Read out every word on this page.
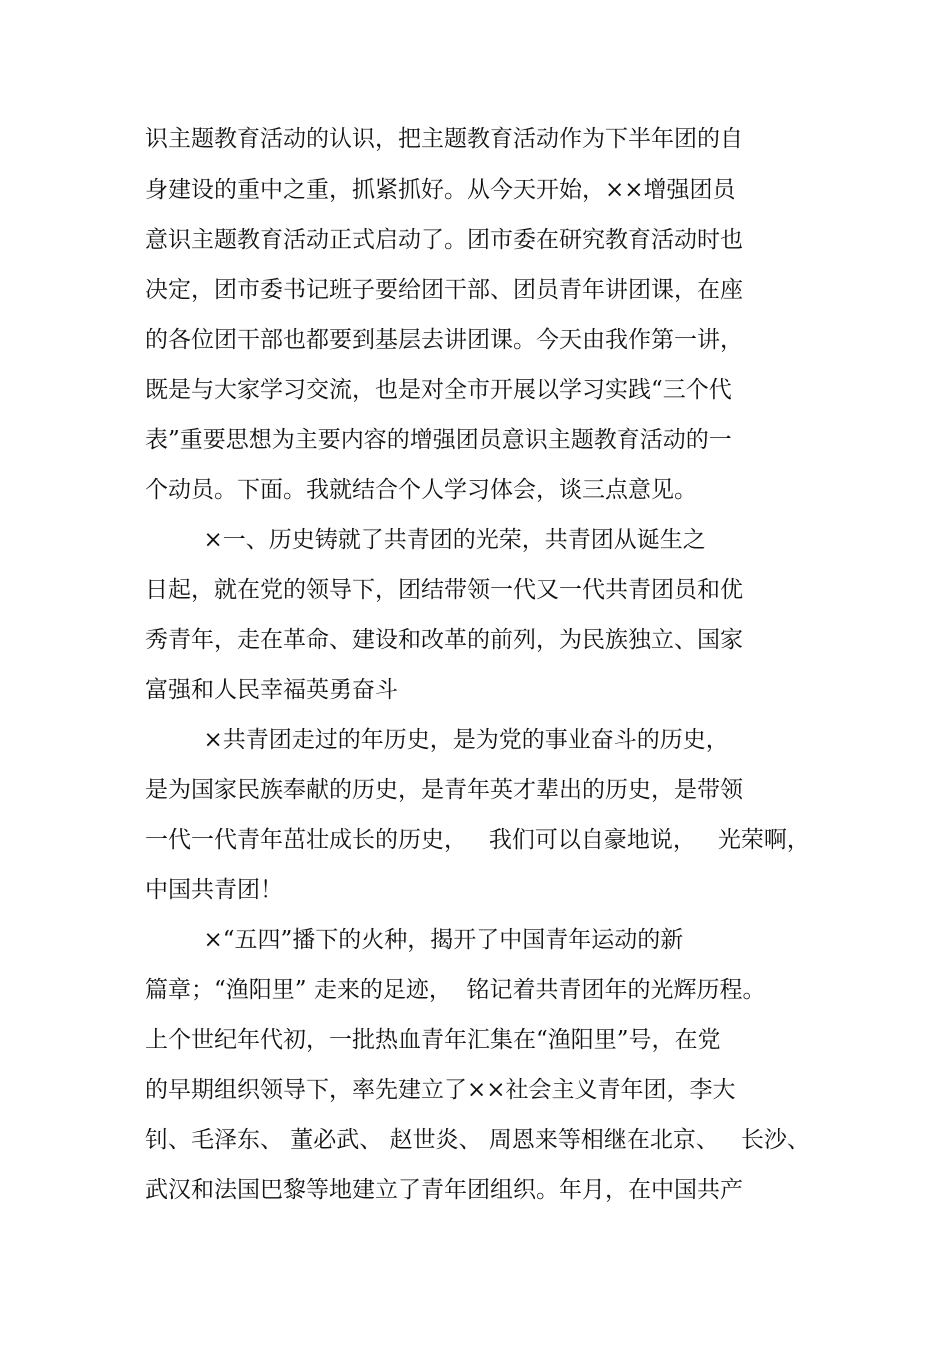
识主题教育活动的认识，把主题教育活动作为下半年团的自
身建设的重中之重，抓紧抓好。从今天开始，××增强团员
意识主题教育活动正式启动了。团市委在研究教育活动时也
决定，团市委书记班子要给团干部、团员青年讲团课，在座
的各位团干部也都要到基层去讲团课。今天由我作第一讲，
既是与大家学习交流，也是对全市开展以学习实践“三个代
表”重要思想为主要内容的增强团员意识主题教育活动的一
个动员。下面。我就结合个人学习体会，谈三点意见。
×一、历史铸就了共青团的光荣，共青团从诞生之
日起，就在党的领导下，团结带领一代又一代共青团员和优
秀青年，走在革命、建设和改革的前列，为民族独立、国家
富强和人民幸福英勇奋斗
×共青团走过的年历史，是为党的事业奋斗的历史，
是为国家民族奉献的历史，是青年英才辈出的历史，是带领
一代一代青年茁壮成长的历史，   我们可以自豪地说，   光荣啊，
中国共青团！
×“五四”播下的火种，揭开了中国青年运动的新
篇章；“渔阳里” 走来的足迹，  铭记着共青团年的光辉历程。
上个世纪年代初，一批热血青年汇集在“渔阳里”号，在党
的早期组织领导下，率先建立了××社会主义青年团，李大
钊、毛泽东、 董必武、 赵世炎、 周恩来等相继在北京、   长沙、
武汉和法国巴黎等地建立了青年团组织。年月，在中国共产
